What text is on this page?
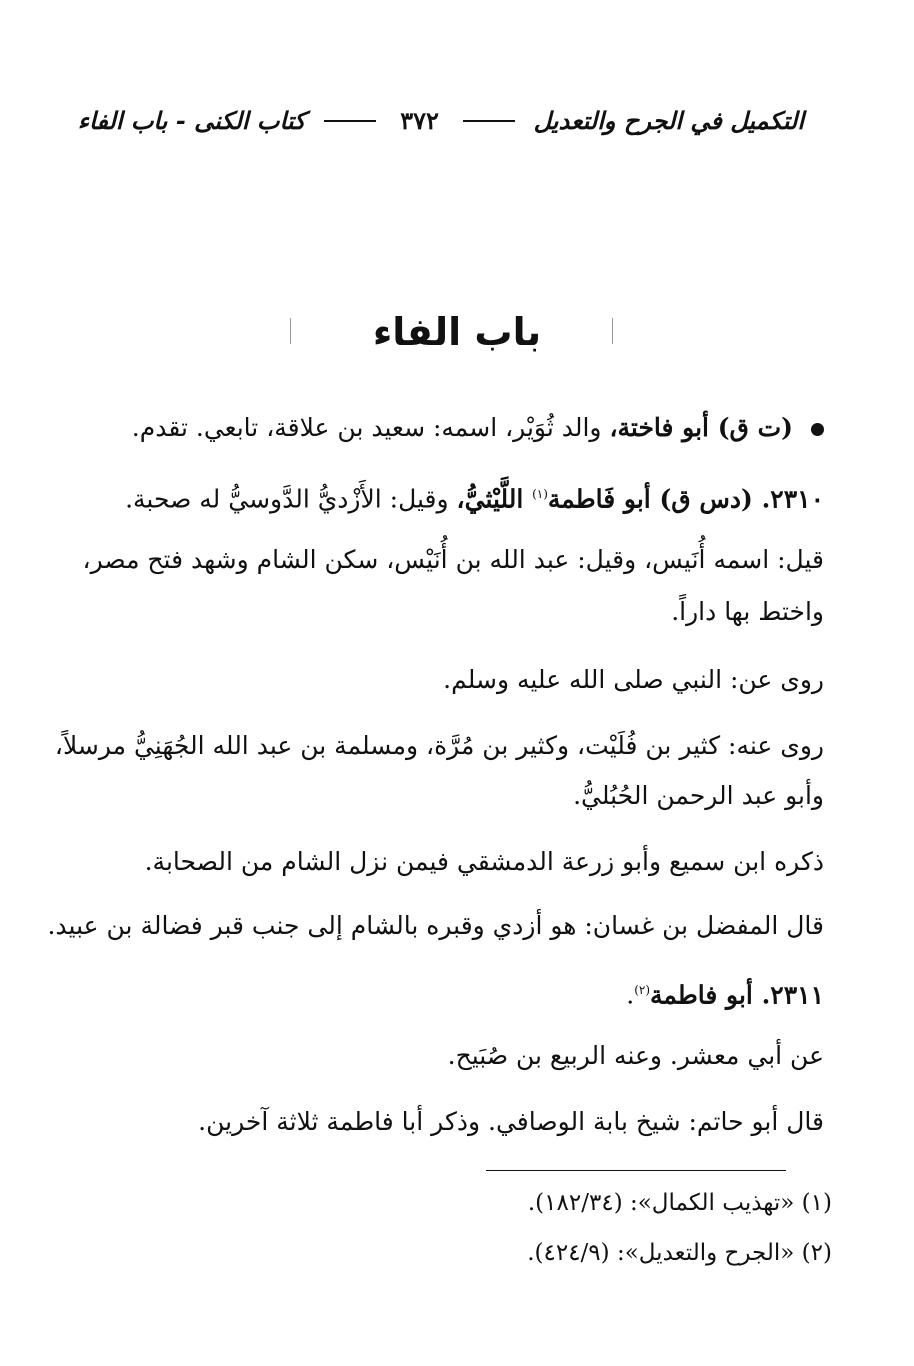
التكميل في الجرح والتعديل  ٣٧٢  كتاب الكنى - باب الفاء
باب الفاء
(ت ق) أبو فاختة، والد ثُوَيْر، اسمه: سعيد بن علاقة، تابعي. تقدم.
٢٣١٠. (دس ق) أبو فَاطمة$^{(١)}$ اللَّيْثيُّ، وقيل: الأَزْديُّ الدَّوسيُّ له صحبة.
قيل: اسمه أُنَيس، وقيل: عبد الله بن أُنَيْس، سكن الشام وشهد فتح مصر،
واختط بها داراً.
روى عن: النبي صلى الله عليه وسلم.
روى عنه: كثير بن فُلَيْت، وكثير بن مُرَّة، ومسلمة بن عبد الله الجُهَنِيُّ مرسلاً،
وأبو عبد الرحمن الحُبُليُّ.
ذكره ابن سميع وأبو زرعة الدمشقي فيمن نزل الشام من الصحابة.
قال المفضل بن غسان: هو أزدي وقبره بالشام إلى جنب قبر فضالة بن عبيد.
٢٣١١. أبو فاطمة$^{(٢)}$.
عن أبي معشر. وعنه الربيع بن صُبَيح.
قال أبو حاتم: شيخ بابة الوصافي. وذكر أبا فاطمة ثلاثة آخرين.
(١) «تهذيب الكمال»: (١٨٢/٣٤).
(٢) «الجرح والتعديل»: (٤٢٤/٩).
